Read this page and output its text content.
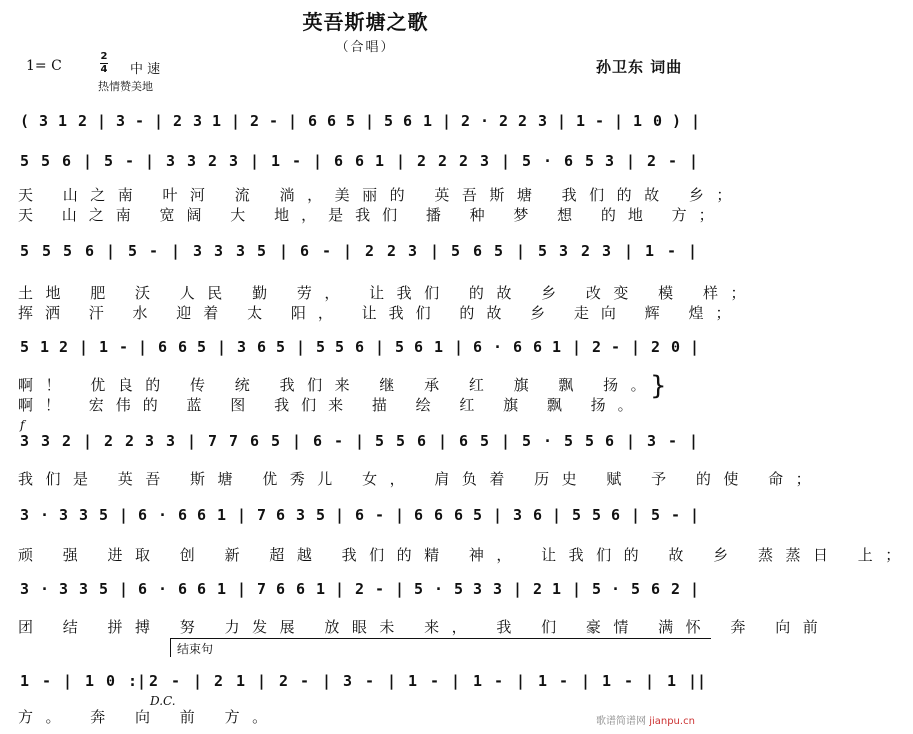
英吾斯塘之歌
（合唱）
1= C
2
4 中 速
热情赞美地
孙卫东 词曲
( 3 1 2 | 3 - | 2 3 1 | 2 - | 6 6 5 | 5 6 1 | 2 · 2 2 3 | 1 - | 1 0 ) |
5 5 6 | 5 - | 3 3 2 3 | 1 - | 6 6 1 | 2 2 2 3 | 5 · 6 5 3 | 2 - |
天 山之南 叶河 流 淌，美丽的 英吾斯塘 我们的故 乡；
天 山之南 宽阔 大 地，是我们 播 种 梦 想 的地 方；
5 5 5 6 | 5 - | 3 3 3 5 | 6 - | 2 2 3 | 5 6 5 | 5 3 2 3 | 1 - |
土地 肥 沃 人民 勤 劳， 让我们 的故 乡 改变 模 样；
挥洒 汗 水 迎着 太 阳， 让我们 的故 乡 走向 辉 煌；
5 1 2 | 1 - | 6 6 5 | 3 6 5 | 5 5 6 | 5 6 1 | 6 · 6 6 1 | 2 - | 2 0 |
啊！ 优良的 传 统 我们来 继 承 红 旗 飘 扬。
啊！ 宏伟的 蓝 图 我们来 描 绘 红 旗 飘 扬。
}
f
3 3 2 | 2 2 3 3 | 7 7 6 5 | 6 - | 5 5 6 | 6 5 | 5 · 5 5 6 | 3 - |
我们是 英吾 斯塘 优秀儿 女， 肩负着 历史 赋 予 的使 命；
3 · 3 3 5 | 6 · 6 6 1 | 7 6 3 5 | 6 - | 6 6 6 5 | 3 6 | 5 5 6 | 5 - |
顽 强 进取 创 新 超越 我们的精 神， 让我们的 故 乡 蒸蒸日 上；
3 · 3 3 5 | 6 · 6 6 1 | 7 6 6 1 | 2 - | 5 · 5 3 3 | 2 1 | 5 · 5 6 2 |
团 结 拼搏 努 力发展 放眼未 来， 我 们 豪情 满怀 奔 向前
结束句
1 - | 1 0 :| 2 - | 2 1 | 2 - | 3 - | 1 - | 1 - | 1 - | 1 - | 1 ||
D.C.
方。 奔 向 前 方。	歌谱简谱网 jianpu.cn
